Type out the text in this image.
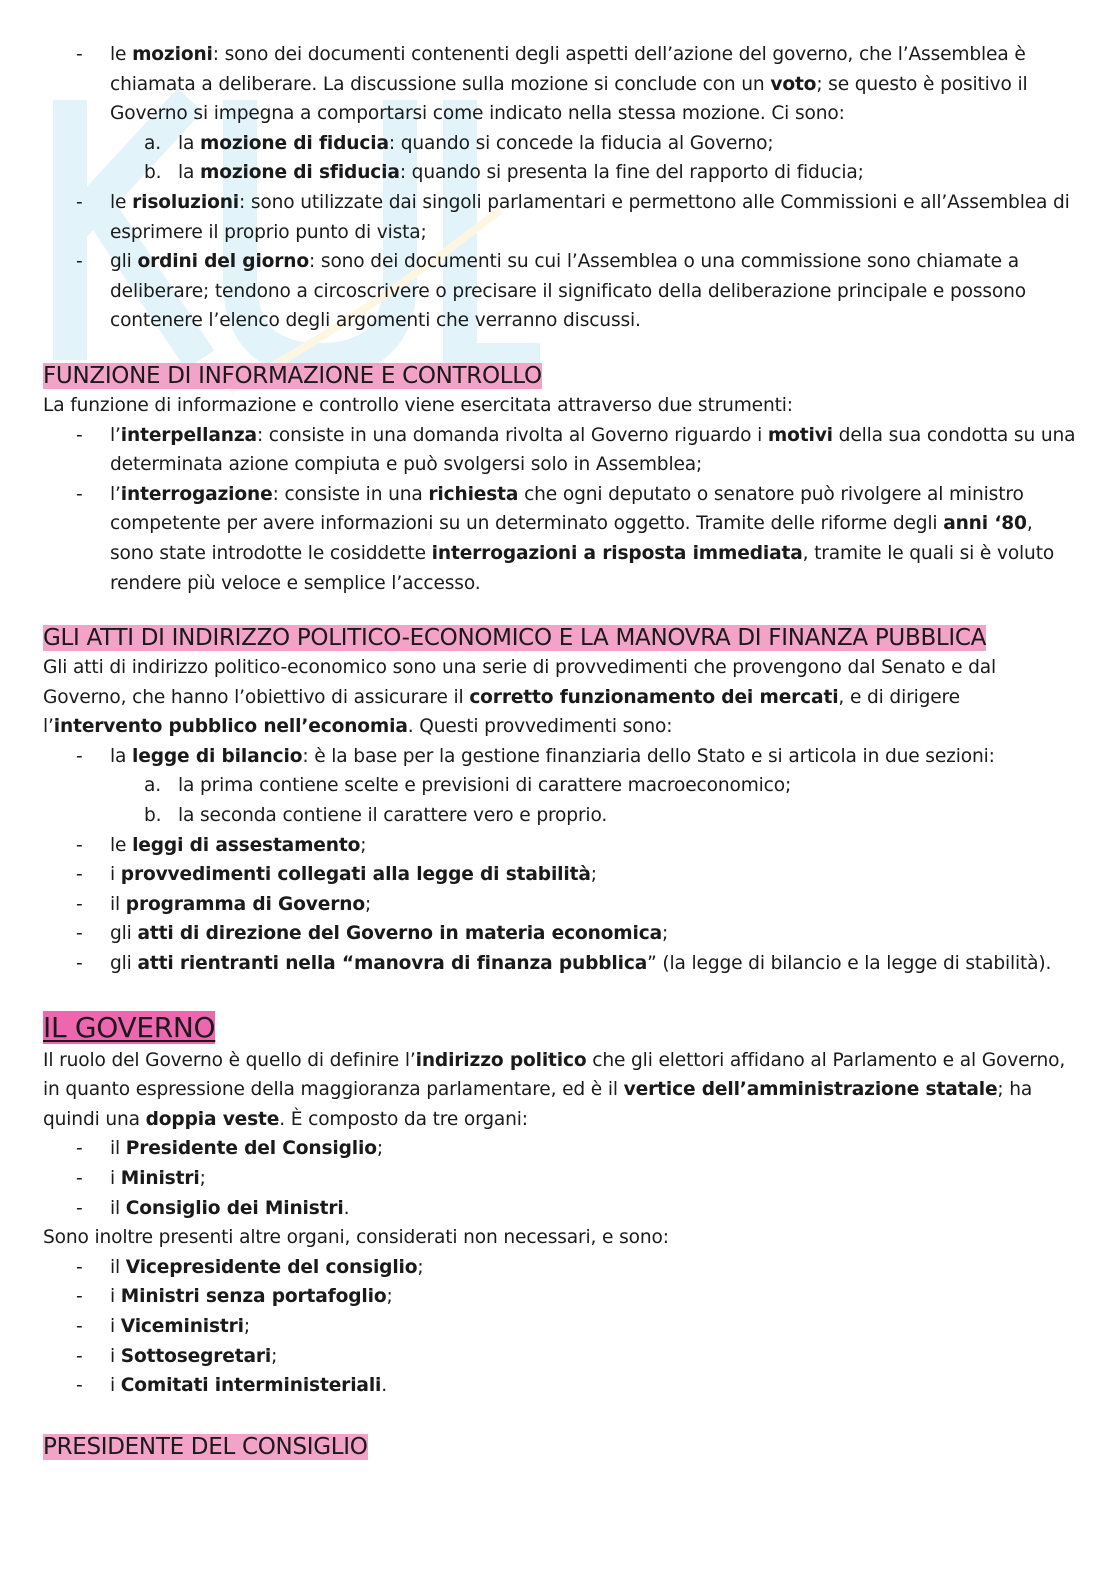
- le mozioni: sono dei documenti contenenti degli aspetti dell’azione del governo, che l’Assemblea è chiamata a deliberare. La discussione sulla mozione si conclude con un voto; se questo è positivo il Governo si impegna a comportarsi come indicato nella stessa mozione. Ci sono:

a. la mozione di fiducia: quando si concede la fiducia al Governo;

b. la mozione di sfiducia: quando si presenta la fine del rapporto di fiducia;

- le risoluzioni: sono utilizzate dai singoli parlamentari e permettono alle Commissioni e all’Assemblea di esprimere il proprio punto di vista;

- gli ordini del giorno: sono dei documenti su cui l’Assemblea o una commissione sono chiamate a deliberare; tendono a circoscrivere o precisare il significato della deliberazione principale e possono contenere l’elenco degli argomenti che verranno discussi.

FUNZIONE DI INFORMAZIONE E CONTROLLO

La funzione di informazione e controllo viene esercitata attraverso due strumenti:

- l’interpellanza: consiste in una domanda rivolta al Governo riguardo i motivi della sua condotta su una determinata azione compiuta e può svolgersi solo in Assemblea;

- l’interrogazione: consiste in una richiesta che ogni deputato o senatore può rivolgere al ministro competente per avere informazioni su un determinato oggetto. Tramite delle riforme degli anni ‘80, sono state introdotte le cosiddette interrogazioni a risposta immediata, tramite le quali si è voluto rendere più veloce e semplice l’accesso.

GLI ATTI DI INDIRIZZO POLITICO-ECONOMICO E LA MANOVRA DI FINANZA PUBBLICA

Gli atti di indirizzo politico-economico sono una serie di provvedimenti che provengono dal Senato e dal Governo, che hanno l’obiettivo di assicurare il corretto funzionamento dei mercati, e di dirigere l’intervento pubblico nell’economia. Questi provvedimenti sono:

- la legge di bilancio: è la base per la gestione finanziaria dello Stato e si articola in due sezioni:

a. la prima contiene scelte e previsioni di carattere macroeconomico;

b. la seconda contiene il carattere vero e proprio.

- le leggi di assestamento;

- i provvedimenti collegati alla legge di stabilità;

- il programma di Governo;

- gli atti di direzione del Governo in materia economica;

- gli atti rientranti nella “manovra di finanza pubblica” (la legge di bilancio e la legge di stabilità).

IL GOVERNO

Il ruolo del Governo è quello di definire l’indirizzo politico che gli elettori affidano al Parlamento e al Governo, in quanto espressione della maggioranza parlamentare, ed è il vertice dell’amministrazione statale; ha quindi una doppia veste. È composto da tre organi:

- il Presidente del Consiglio;

- i Ministri;

- il Consiglio dei Ministri.

Sono inoltre presenti altre organi, considerati non necessari, e sono:

- il Vicepresidente del consiglio;

- i Ministri senza portafoglio;

- i Viceministri;

- i Sottosegretari;

- i Comitati interministeriali.

PRESIDENTE DEL CONSIGLIO
